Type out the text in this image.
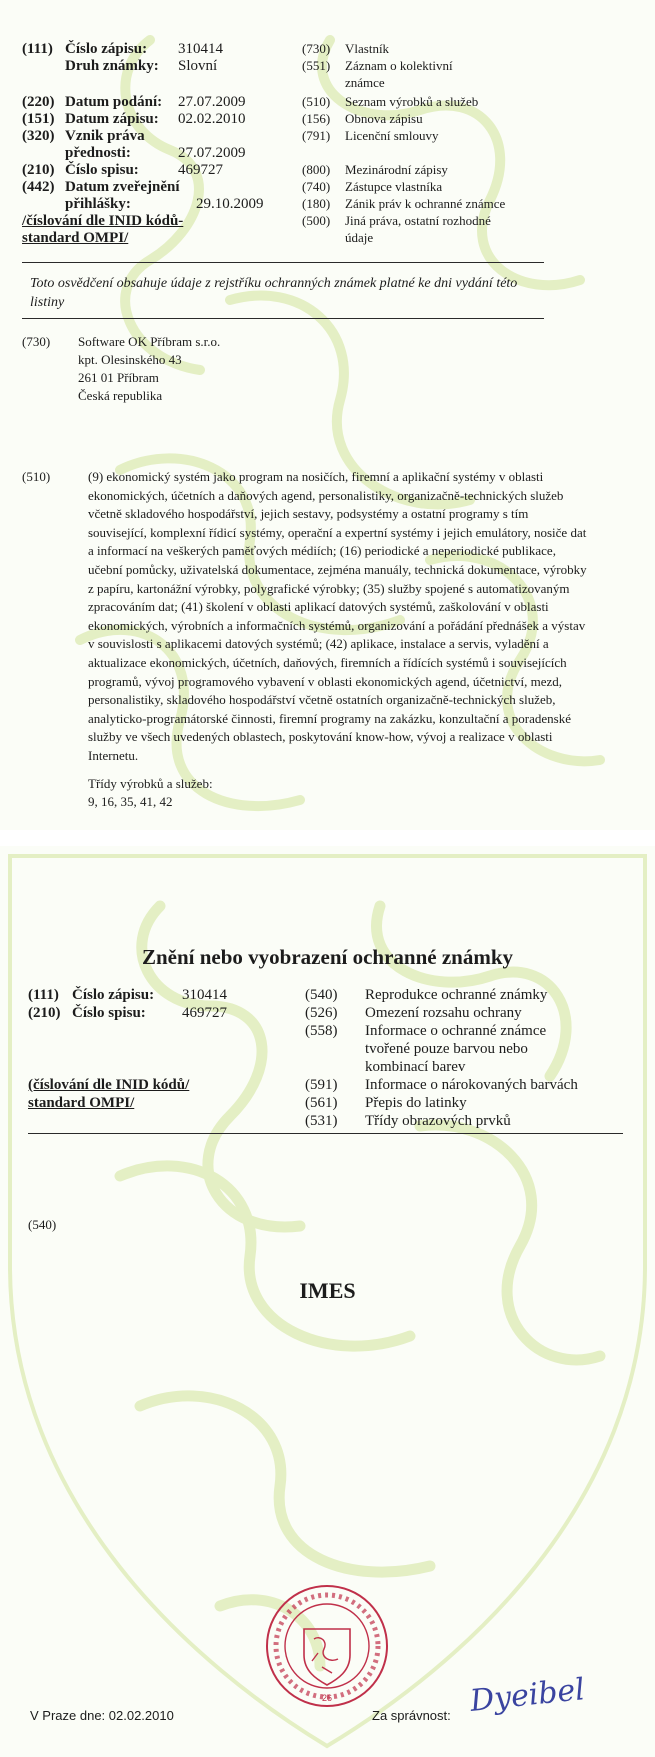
(111) Číslo zápisu: 310414
Druh známky: Slovní
(220) Datum podání: 27.07.2009
(151) Datum zápisu: 02.02.2010
(320) Vznik práva
přednosti:	27.07.2009
(210) Číslo spisu:	469727
(442) Datum zveřejnění
přihlášky:	29.10.2009
/číslování dle INID kódů-
standard OMPI/
(730) Vlastník
(551) Záznam o kolektivní
známce
(510) Seznam výrobků a služeb
(156) Obnova zápisu
(791) Licenční smlouvy
(800) Mezinárodní zápisy
(740) Zástupce vlastníka
(180) Zánik práv k ochranné známce
(500) Jiná práva, ostatní rozhodné
údaje
Toto osvědčení obsahuje údaje z rejstříku ochranných známek platné ke dni vydání této listiny
(730) Software OK Příbram s.r.o.
kpt. Olesinského 43
261 01 Příbram
Česká republika
(510)	(9) ekonomický systém jako program na nosičích, firemní a aplikační systémy v oblasti ekonomických, účetních a daňových agend, personalistiky, organizačně-technických služeb včetně skladového hospodářství, jejich sestavy, podsystémy a ostatní programy s tím související, komplexní řídicí systémy, operační a expertní systémy i jejich emulátory, nosiče dat a informací na veškerých paměťových médiích; (16) periodické a neperiodické publikace, učební pomůcky, uživatelská dokumentace, zejména manuály, technická dokumentace, výrobky z papíru, kartonážní výrobky, polygrafické výrobky; (35) služby spojené s automatizovaným zpracováním dat; (41) školení v oblasti aplikací datových systémů, zaškolování v oblasti ekonomických, výrobních a informačních systémů, organizování a pořádání přednášek a výstav v souvislosti s aplikacemi datových systémů; (42) aplikace, instalace a servis, vyladění a aktualizace ekonomických, účetních, daňových, firemních a řídících systémů i souvisejících programů, vývoj programového vybavení v oblasti ekonomických agend, účetnictví, mezd, personalistiky, skladového hospodářství včetně ostatních organizačně-technických služeb, analyticko-programátorské činnosti, firemní programy na zakázku, konzultační a poradenské služby ve všech uvedených oblastech, poskytování know-how, vývoj a realizace v oblasti Internetu.
Třídy výrobků a služeb:
9, 16, 35, 41, 42
Znění nebo vyobrazení ochranné známky
(111) Číslo zápisu: 310414
(210) Číslo spisu: 469727
(číslování dle INID kódů/
standard OMPI/
(540) Reprodukce ochranné známky
(526) Omezení rozsahu ochrany
(558) Informace o ochranné známce
tvořené pouze barvou nebo
kombinací barev
(591) Informace o nárokovaných barvách
(561) Přepis do latinky
(531) Třídy obrazových prvků
(540)
IMES
26
V Praze dne: 02.02.2010	Za správnost: Dyeibel
